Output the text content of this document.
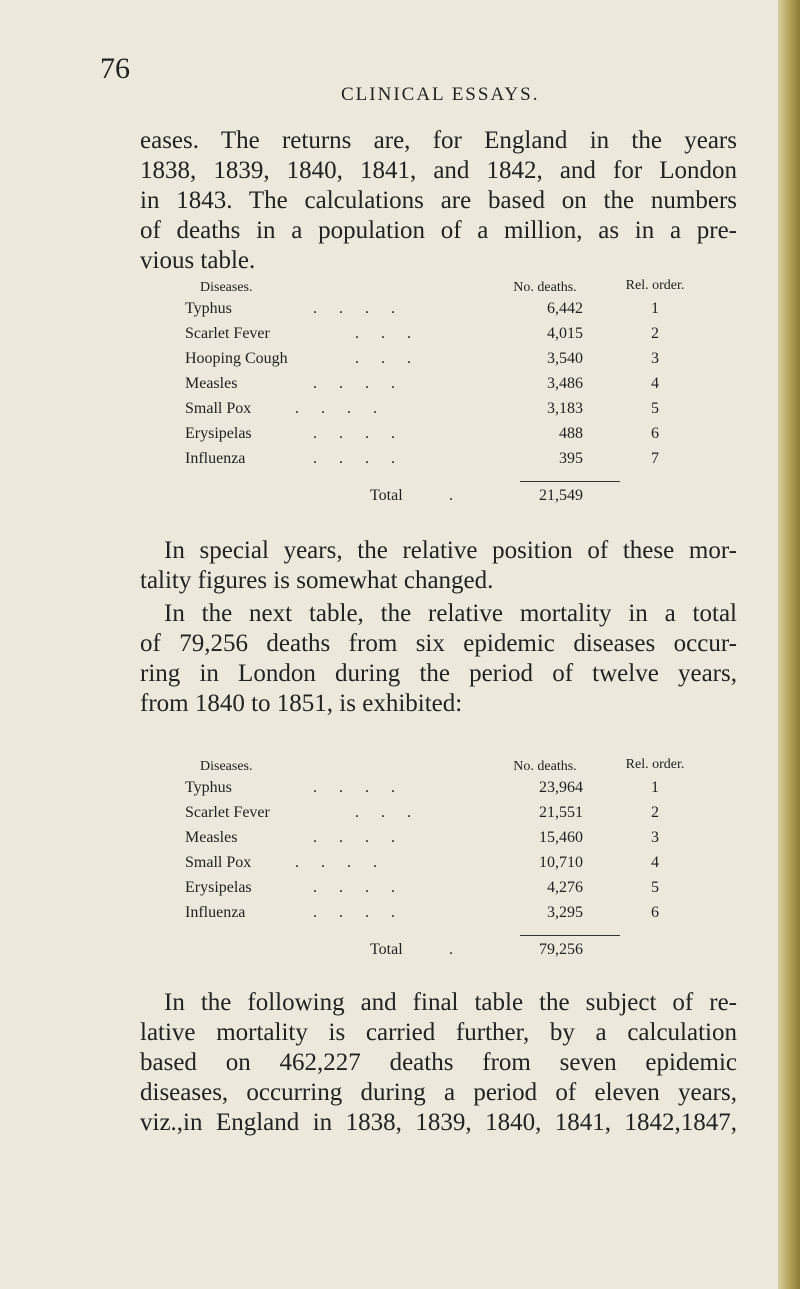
76
CLINICAL ESSAYS.

eases. The returns are, for England in the years
1838, 1839, 1840, 1841, and 1842, and for London
in 1843. The calculations are based on the numbers
of deaths in a population of a million, as in a pre-
vious table.

Diseases.	No. deaths.	Rel. order.
Typhus	....	6,442	1
Scarlet Fever	...	4,015	2
Hooping Cough	...	3,540	3
Measles	....	3,486	4
Small Pox	....	3,183	5
Erysipelas	....	488	6
Influenza	....	395	7
Total	.	21,549

In special years, the relative position of these mor-
tality figures is somewhat changed.

In the next table, the relative mortality in a total
of 79,256 deaths from six epidemic diseases occur-
ring in London during the period of twelve years,
from 1840 to 1851, is exhibited:

Diseases.	No. deaths.	Rel. order.
Typhus	....	23,964	1
Scarlet Fever	...	21,551	2
Measles	....	15,460	3
Small Pox	....	10,710	4
Erysipelas	....	4,276	5
Influenza	....	3,295	6
Total	.	79,256

In the following and final table the subject of re-
lative mortality is carried further, by a calculation
based on 462,227 deaths from seven epidemic
diseases, occurring during a period of eleven years,
viz.,in England in 1838, 1839, 1840, 1841, 1842,1847,
